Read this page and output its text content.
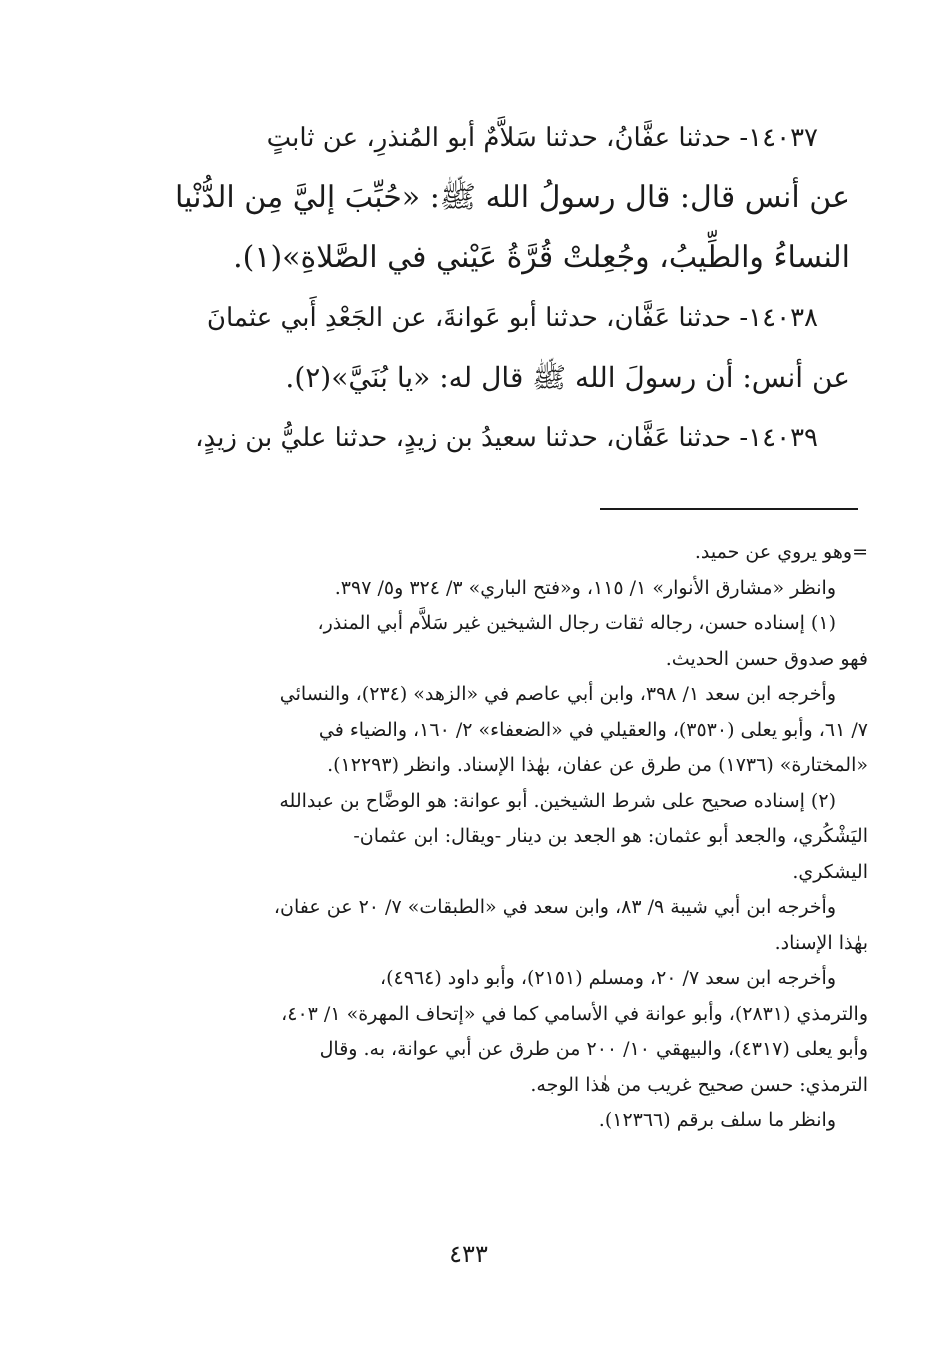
١٤٠٣٧- حدثنا عفَّانُ، حدثنا سَلاَّمٌ أبو المُنذرِ، عن ثابتٍ
عن أنس قال: قال رسولُ الله ﷺ: «حُبِّبَ إليَّ مِن الدُّنْيا
النساءُ والطِّيبُ، وجُعِلتْ قُرَّةُ عَيْني في الصَّلاةِ»(١).

١٤٠٣٨- حدثنا عَفَّان، حدثنا أبو عَوانةَ، عن الجَعْدِ أَبي عثمانَ
عن أنس: أن رسولَ الله ﷺ قال له: «يا بُنَيَّ»(٢).

١٤٠٣٩- حدثنا عَفَّان، حدثنا سعيدُ بن زيدٍ، حدثنا عليُّ بن زيدٍ،

=وهو يروي عن حميد.
وانظر «مشارق الأنوار» ١/ ١١٥، و«فتح الباري» ٣/ ٣٢٤ و٥/ ٣٩٧.
(١) إسناده حسن، رجاله ثقات رجال الشيخين غير سَلاَّم أبي المنذر،
فهو صدوق حسن الحديث.
وأخرجه ابن سعد ١/ ٣٩٨، وابن أبي عاصم في «الزهد» (٢٣٤)، والنسائي
٧/ ٦١، وأبو يعلى (٣٥٣٠)، والعقيلي في «الضعفاء» ٢/ ١٦٠، والضياء في
«المختارة» (١٧٣٦) من طرق عن عفان، بهٰذا الإسناد. وانظر (١٢٢٩٣).
(٢) إسناده صحيح على شرط الشيخين. أبو عوانة: هو الوضَّاح بن عبدالله
اليَشْكُري، والجعد أبو عثمان: هو الجعد بن دينار -ويقال: ابن عثمان-
اليشكري.
وأخرجه ابن أبي شيبة ٩/ ٨٣، وابن سعد في «الطبقات» ٧/ ٢٠ عن عفان،
بهٰذا الإسناد.
وأخرجه ابن سعد ٧/ ٢٠، ومسلم (٢١٥١)، وأبو داود (٤٩٦٤)،
والترمذي (٢٨٣١)، وأبو عوانة في الأسامي كما في «إتحاف المهرة» ١/ ٤٠٣،
وأبو يعلى (٤٣١٧)، والبيهقي ١٠/ ٢٠٠ من طرق عن أبي عوانة، به. وقال
الترمذي: حسن صحيح غريب من هٰذا الوجه.
وانظر ما سلف برقم (١٢٣٦٦).
٤٣٣
